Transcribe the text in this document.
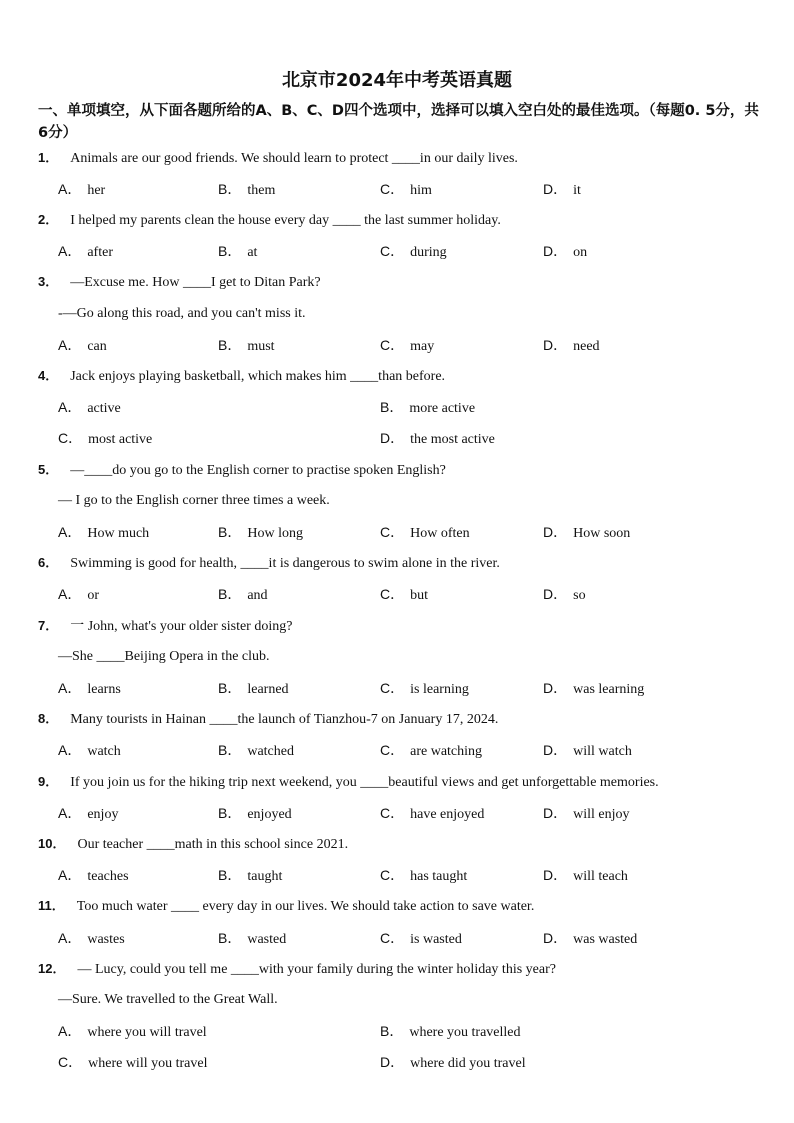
北京市2024年中考英语真题
一、单项填空，从下面各题所给的A、B、C、D四个选项中，选择可以填入空白处的最佳选项。（每题0. 5分，共6分）
1． Animals are our good friends. We should learn to protect ____in our daily lives.
A． her	B． them	C． him	D． it
2． I helped my parents clean the house every day ____ the last summer holiday.
A． after	B． at	C． during	D． on
3． —Excuse me. How ____I get to Ditan Park?
-—Go along this road, and you can't miss it.
A． can	B． must	C． may	D． need
4． Jack enjoys playing basketball, which makes him ____than before.
A． active	B． more active
C． most active	D． the most active
5． —____do you go to the English corner to practise spoken English?
— I go to the English corner three times a week.
A． How much	B． How long	C． How often	D． How soon
6． Swimming is good for health, ____it is dangerous to swim alone in the river.
A． or	B． and	C． but	D． so
7． 一 John, what's your older sister doing?
—She ____Beijing Opera in the club.
A． learns	B． learned	C． is learning	D． was learning
8． Many tourists in Hainan ____the launch of Tianzhou-7 on January 17, 2024.
A． watch	B． watched	C． are watching	D． will watch
9． If you join us for the hiking trip next weekend, you ____beautiful views and get unforgettable memories.
A． enjoy	B． enjoyed	C． have enjoyed	D． will enjoy
10． Our teacher ____math in this school since 2021.
A． teaches	B． taught	C． has taught	D． will teach
11． Too much water ____ every day in our lives. We should take action to save water.
A． wastes	B． wasted	C． is wasted	D． was wasted
12． — Lucy, could you tell me ____with your family during the winter holiday this year?
—Sure. We travelled to the Great Wall.
A． where you will travel	B． where you travelled
C． where will you travel	D． where did you travel
